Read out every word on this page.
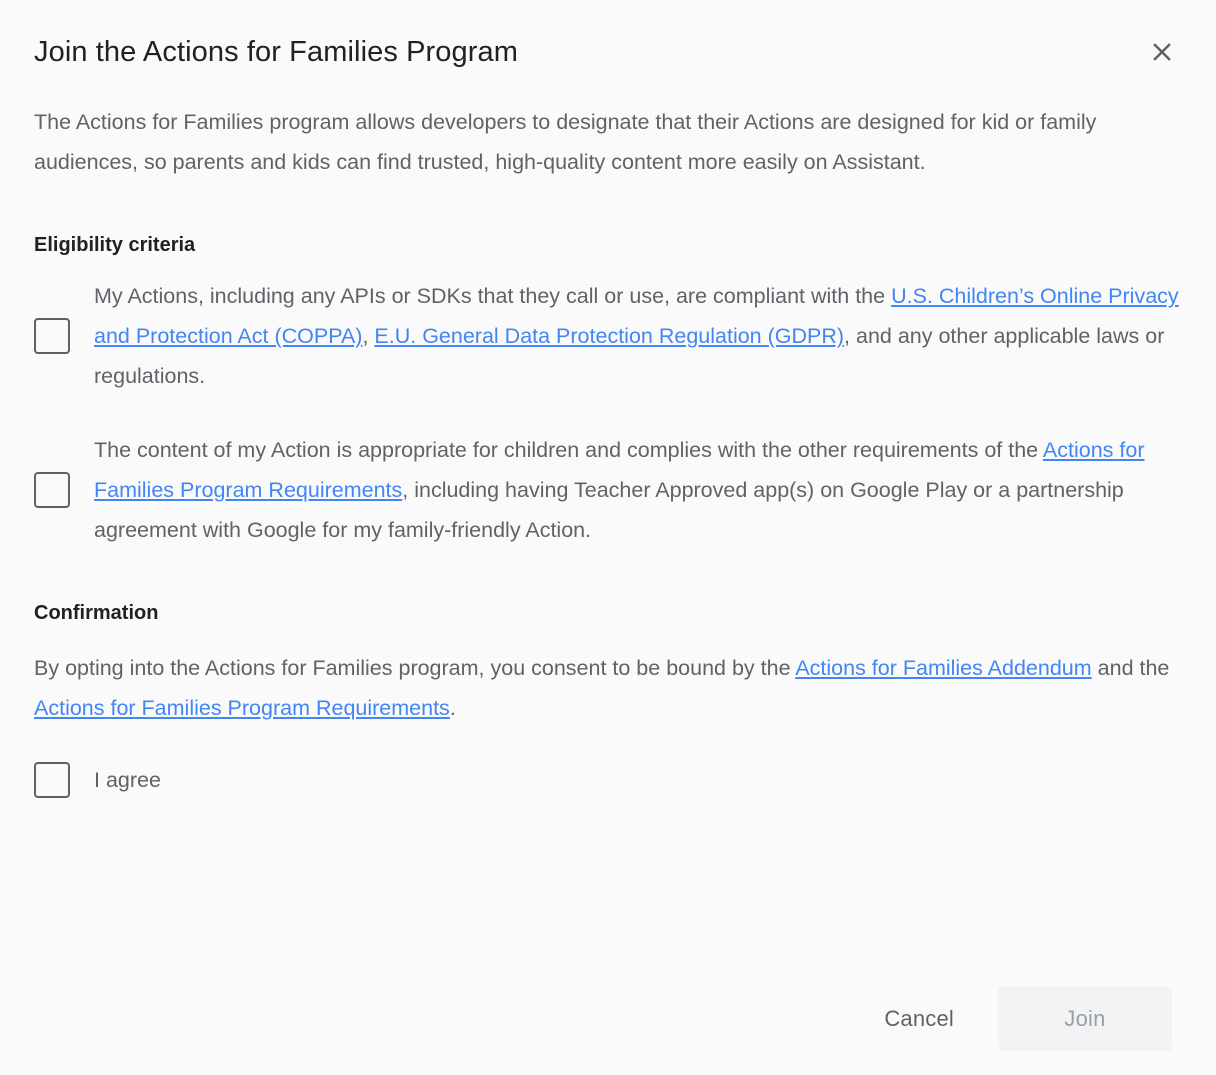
Join the Actions for Families Program
The Actions for Families program allows developers to designate that their Actions are designed for kid or family audiences, so parents and kids can find trusted, high-quality content more easily on Assistant.
Eligibility criteria
My Actions, including any APIs or SDKs that they call or use, are compliant with the U.S. Children’s Online Privacy and Protection Act (COPPA), E.U. General Data Protection Regulation (GDPR), and any other applicable laws or regulations.
The content of my Action is appropriate for children and complies with the other requirements of the Actions for Families Program Requirements, including having Teacher Approved app(s) on Google Play or a partnership agreement with Google for my family-friendly Action.
Confirmation
By opting into the Actions for Families program, you consent to be bound by the Actions for Families Addendum and the Actions for Families Program Requirements.
I agree
Cancel	Join
